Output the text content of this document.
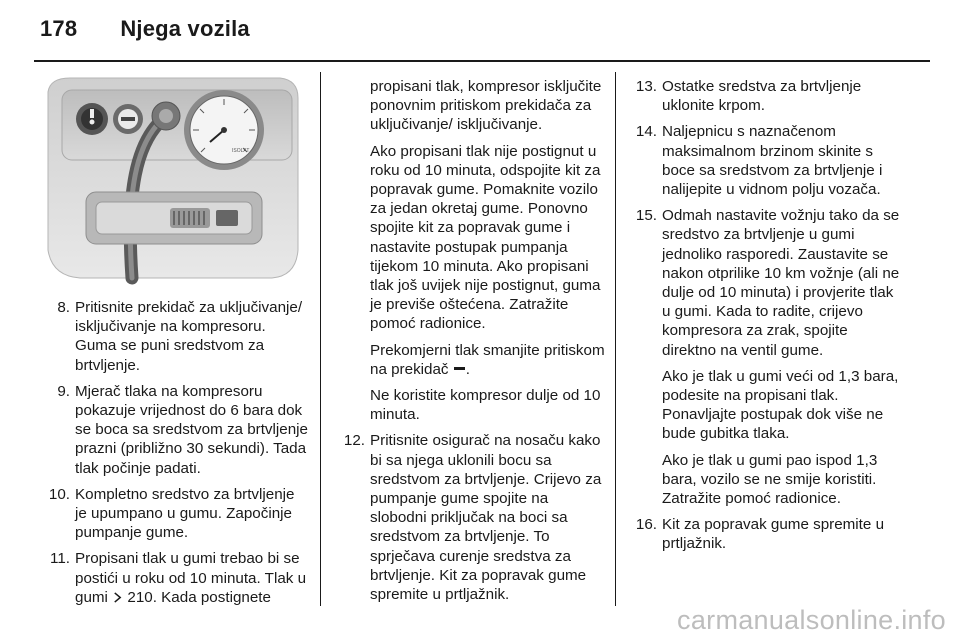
178 Njega vozila
ISOLAT
8. Pritisnite prekidač za uključivanje/ isključivanje na kompresoru. Guma se puni sredstvom za brtvljenje.
9. Mjerač tlaka na kompresoru pokazuje vrijednost do 6 bara dok se boca sa sredstvom za brtvljenje prazni (približno 30 sekundi). Tada tlak počinje padati.
10. Kompletno sredstvo za brtvljenje je upumpano u gumu. Započinje pumpanje gume.
11. Propisani tlak u gumi trebao bi se postići u roku od 10 minuta. Tlak u gumi 210. Kada postignete
propisani tlak, kompresor isključite ponovnim pritiskom prekidača za uključivanje/ isključivanje.
Ako propisani tlak nije postignut u roku od 10 minuta, odspojite kit za popravak gume. Pomaknite vozilo za jedan okretaj gume. Ponovno spojite kit za popravak gume i nastavite postupak pumpanja tijekom 10 minuta. Ako propisani tlak još uvijek nije postignut, guma je previše oštećena. Zatražite pomoć radionice.
Prekomjerni tlak smanjite pritiskom na prekidač .
Ne koristite kompresor dulje od 10 minuta.
12. Pritisnite osigurač na nosaču kako bi sa njega uklonili bocu sa sredstvom za brtvljenje. Crijevo za pumpanje gume spojite na slobodni priključak na boci sa sredstvom za brtvljenje. To sprječava curenje sredstva za brtvljenje. Kit za popravak gume spremite u prtljažnik.
13. Ostatke sredstva za brtvljenje uklonite krpom.
14. Naljepnicu s naznačenom maksimalnom brzinom skinite s boce sa sredstvom za brtvljenje i nalijepite u vidnom polju vozača.
15. Odmah nastavite vožnju tako da se sredstvo za brtvljenje u gumi jednoliko rasporedi. Zaustavite se nakon otprilike 10 km vožnje (ali ne dulje od 10 minuta) i provjerite tlak u gumi. Kada to radite, crijevo kompresora za zrak, spojite direktno na ventil gume.
Ako je tlak u gumi veći od 1,3 bara, podesite na propisani tlak. Ponavljajte postupak dok više ne bude gubitka tlaka.
Ako je tlak u gumi pao ispod 1,3 bara, vozilo se ne smije koristiti. Zatražite pomoć radionice.
16. Kit za popravak gume spremite u prtljažnik.
carmanualsonline.info
